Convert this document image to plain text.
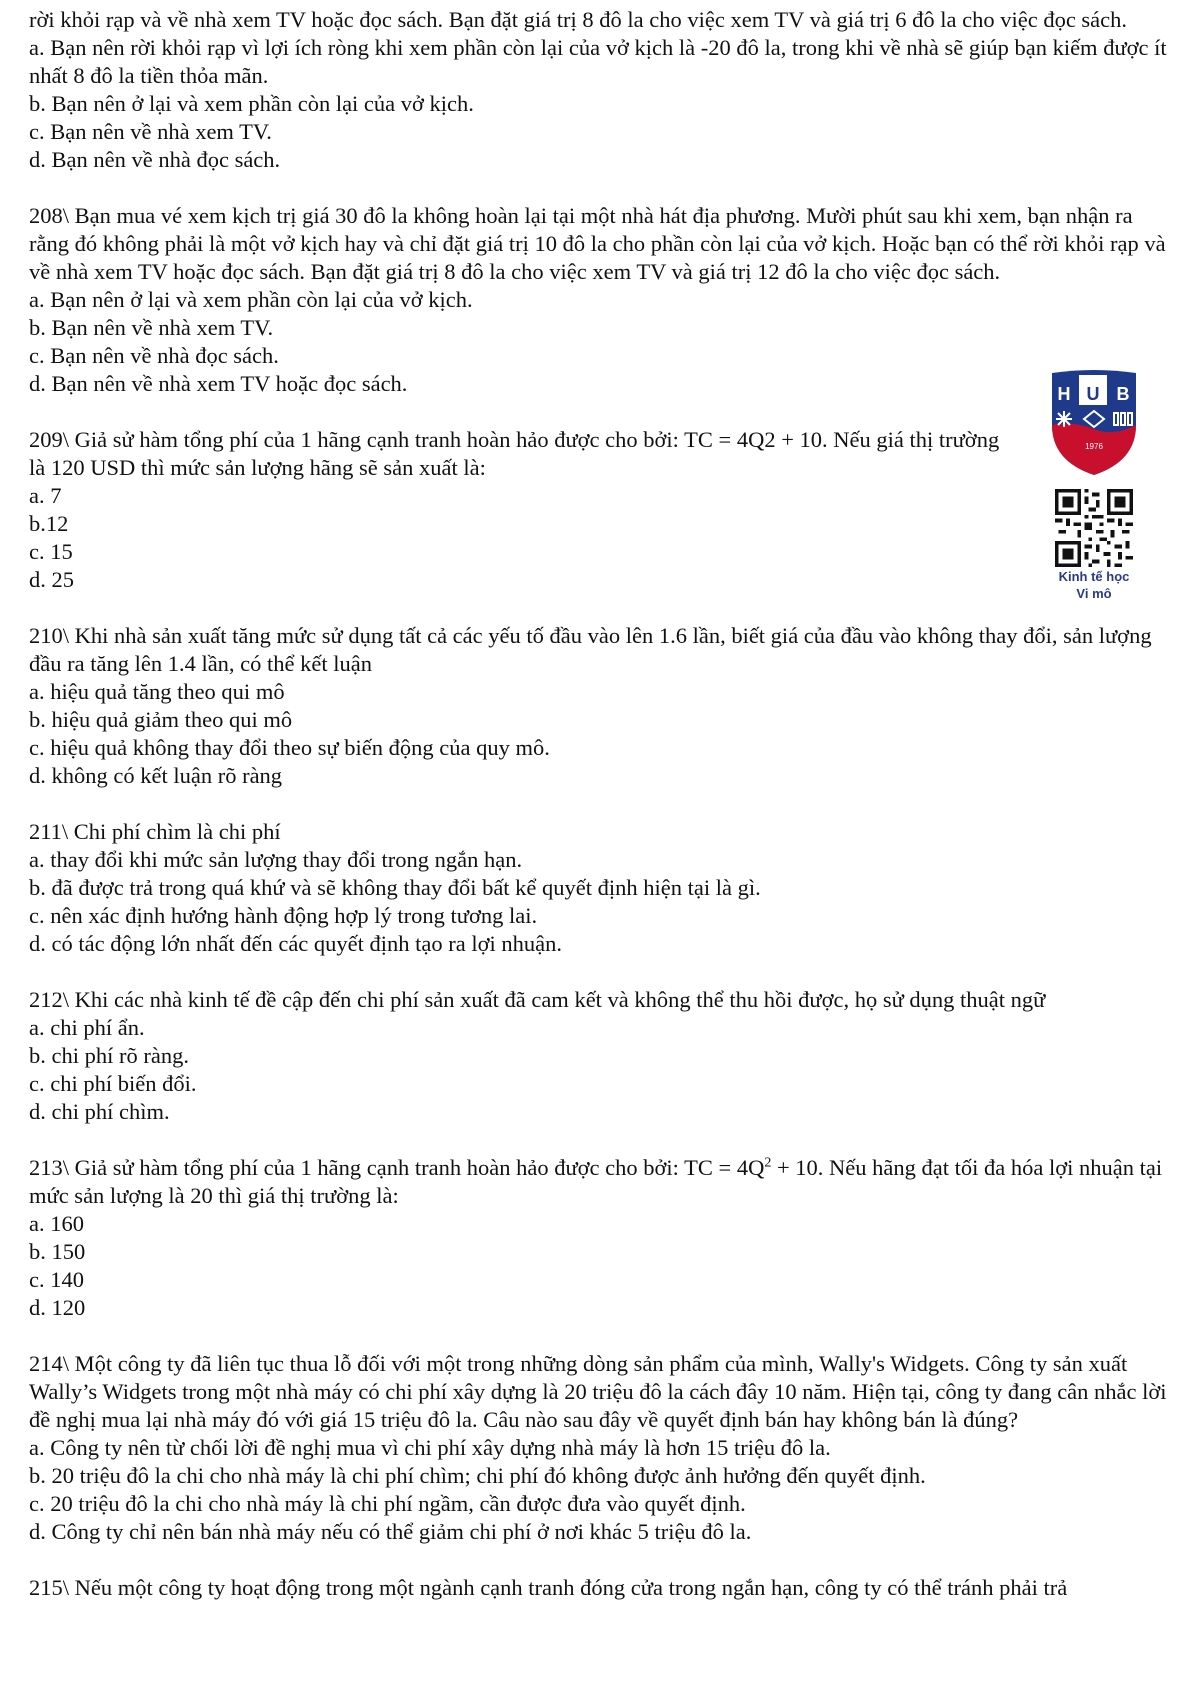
rời khỏi rạp và về nhà xem TV hoặc đọc sách. Bạn đặt giá trị 8 đô la cho việc xem TV và giá trị 6 đô la cho việc đọc sách.

a. Bạn nên rời khỏi rạp vì lợi ích ròng khi xem phần còn lại của vở kịch là -20 đô la, trong khi về nhà sẽ giúp bạn kiếm được ít nhất 8 đô la tiền thỏa mãn.

b. Bạn nên ở lại và xem phần còn lại của vở kịch.

c. Bạn nên về nhà xem TV.

d. Bạn nên về nhà đọc sách.

208\ Bạn mua vé xem kịch trị giá 30 đô la không hoàn lại tại một nhà hát địa phương. Mười phút sau khi xem, bạn nhận ra rằng đó không phải là một vở kịch hay và chỉ đặt giá trị 10 đô la cho phần còn lại của vở kịch. Hoặc bạn có thể rời khỏi rạp và về nhà xem TV hoặc đọc sách. Bạn đặt giá trị 8 đô la cho việc xem TV và giá trị 12 đô la cho việc đọc sách.

a. Bạn nên ở lại và xem phần còn lại của vở kịch.

b. Bạn nên về nhà xem TV.

c. Bạn nên về nhà đọc sách.

d. Bạn nên về nhà xem TV hoặc đọc sách.

209\ Giả sử hàm tổng phí của 1 hãng cạnh tranh hoàn hảo được cho bởi: TC = 4Q2 + 10. Nếu giá thị trường là 120 USD thì mức sản lượng hãng sẽ sản xuất là:

a. 7

b.12

c. 15

d. 25

210\ Khi nhà sản xuất tăng mức sử dụng tất cả các yếu tố đầu vào lên 1.6 lần, biết giá của đầu vào không thay đổi, sản lượng đầu ra tăng lên 1.4 lần, có thể kết luận

a. hiệu quả tăng theo qui mô

b. hiệu quả giảm theo qui mô

c. hiệu quả không thay đổi theo sự biến động của quy mô.

d. không có kết luận rõ ràng

211\ Chi phí chìm là chi phí

a. thay đổi khi mức sản lượng thay đổi trong ngắn hạn.

b. đã được trả trong quá khứ và sẽ không thay đổi bất kể quyết định hiện tại là gì.

c. nên xác định hướng hành động hợp lý trong tương lai.

d. có tác động lớn nhất đến các quyết định tạo ra lợi nhuận.

212\ Khi các nhà kinh tế đề cập đến chi phí sản xuất đã cam kết và không thể thu hồi được, họ sử dụng thuật ngữ

a. chi phí ẩn.

b. chi phí rõ ràng.

c. chi phí biến đổi.

d. chi phí chìm.

213\ Giả sử hàm tổng phí của 1 hãng cạnh tranh hoàn hảo được cho bởi: TC = $4Q^2 + 10$. Nếu hãng đạt tối đa hóa lợi nhuận tại mức sản lượng là 20 thì giá thị trường là:

a. 160

b. 150

c. 140

d. 120

214\ Một công ty đã liên tục thua lỗ đối với một trong những dòng sản phẩm của mình, Wally's Widgets. Công ty sản xuất Wally’s Widgets trong một nhà máy có chi phí xây dựng là 20 triệu đô la cách đây 10 năm. Hiện tại, công ty đang cân nhắc lời đề nghị mua lại nhà máy đó với giá 15 triệu đô la. Câu nào sau đây về quyết định bán hay không bán là đúng?

a. Công ty nên từ chối lời đề nghị mua vì chi phí xây dựng nhà máy là hơn 15 triệu đô la.

b. 20 triệu đô la chi cho nhà máy là chi phí chìm; chi phí đó không được ảnh hưởng đến quyết định.

c. 20 triệu đô la chi cho nhà máy là chi phí ngầm, cần được đưa vào quyết định.

d. Công ty chỉ nên bán nhà máy nếu có thể giảm chi phí ở nơi khác 5 triệu đô la.

215\ Nếu một công ty hoạt động trong một ngành cạnh tranh đóng cửa trong ngắn hạn, công ty có thể tránh phải trả

H U B
1976
Kinh tế học
Vi mô
